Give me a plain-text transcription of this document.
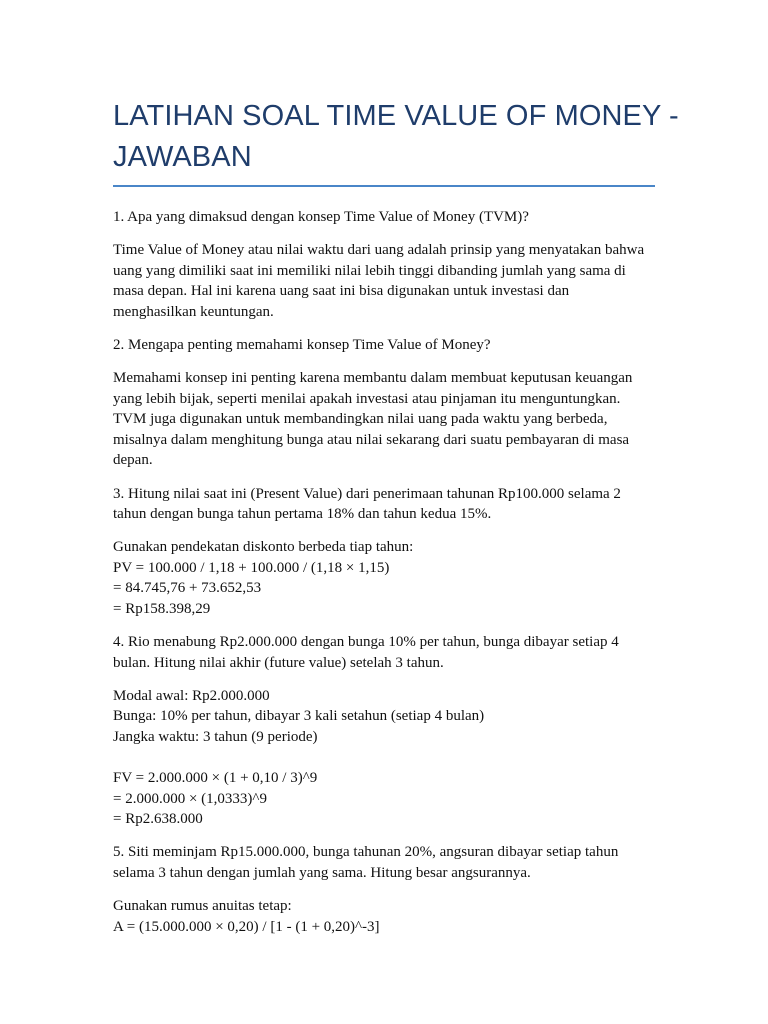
LATIHAN SOAL TIME VALUE OF MONEY -
JAWABAN

1. Apa yang dimaksud dengan konsep Time Value of Money (TVM)?

Time Value of Money atau nilai waktu dari uang adalah prinsip yang menyatakan bahwa
uang yang dimiliki saat ini memiliki nilai lebih tinggi dibanding jumlah yang sama di
masa depan. Hal ini karena uang saat ini bisa digunakan untuk investasi dan
menghasilkan keuntungan.

2. Mengapa penting memahami konsep Time Value of Money?

Memahami konsep ini penting karena membantu dalam membuat keputusan keuangan
yang lebih bijak, seperti menilai apakah investasi atau pinjaman itu menguntungkan.
TVM juga digunakan untuk membandingkan nilai uang pada waktu yang berbeda,
misalnya dalam menghitung bunga atau nilai sekarang dari suatu pembayaran di masa
depan.

3. Hitung nilai saat ini (Present Value) dari penerimaan tahunan Rp100.000 selama 2
tahun dengan bunga tahun pertama 18% dan tahun kedua 15%.

Gunakan pendekatan diskonto berbeda tiap tahun:
PV = 100.000 / 1,18 + 100.000 / (1,18 × 1,15)
= 84.745,76 + 73.652,53
= Rp158.398,29

4. Rio menabung Rp2.000.000 dengan bunga 10% per tahun, bunga dibayar setiap 4
bulan. Hitung nilai akhir (future value) setelah 3 tahun.

Modal awal: Rp2.000.000
Bunga: 10% per tahun, dibayar 3 kali setahun (setiap 4 bulan)
Jangka waktu: 3 tahun (9 periode)
FV = 2.000.000 × (1 + 0,10 / 3)^9
= 2.000.000 × (1,0333)^9
= Rp2.638.000

5. Siti meminjam Rp15.000.000, bunga tahunan 20%, angsuran dibayar setiap tahun
selama 3 tahun dengan jumlah yang sama. Hitung besar angsurannya.

Gunakan rumus anuitas tetap:
A = (15.000.000 × 0,20) / [1 - (1 + 0,20)^-3]
